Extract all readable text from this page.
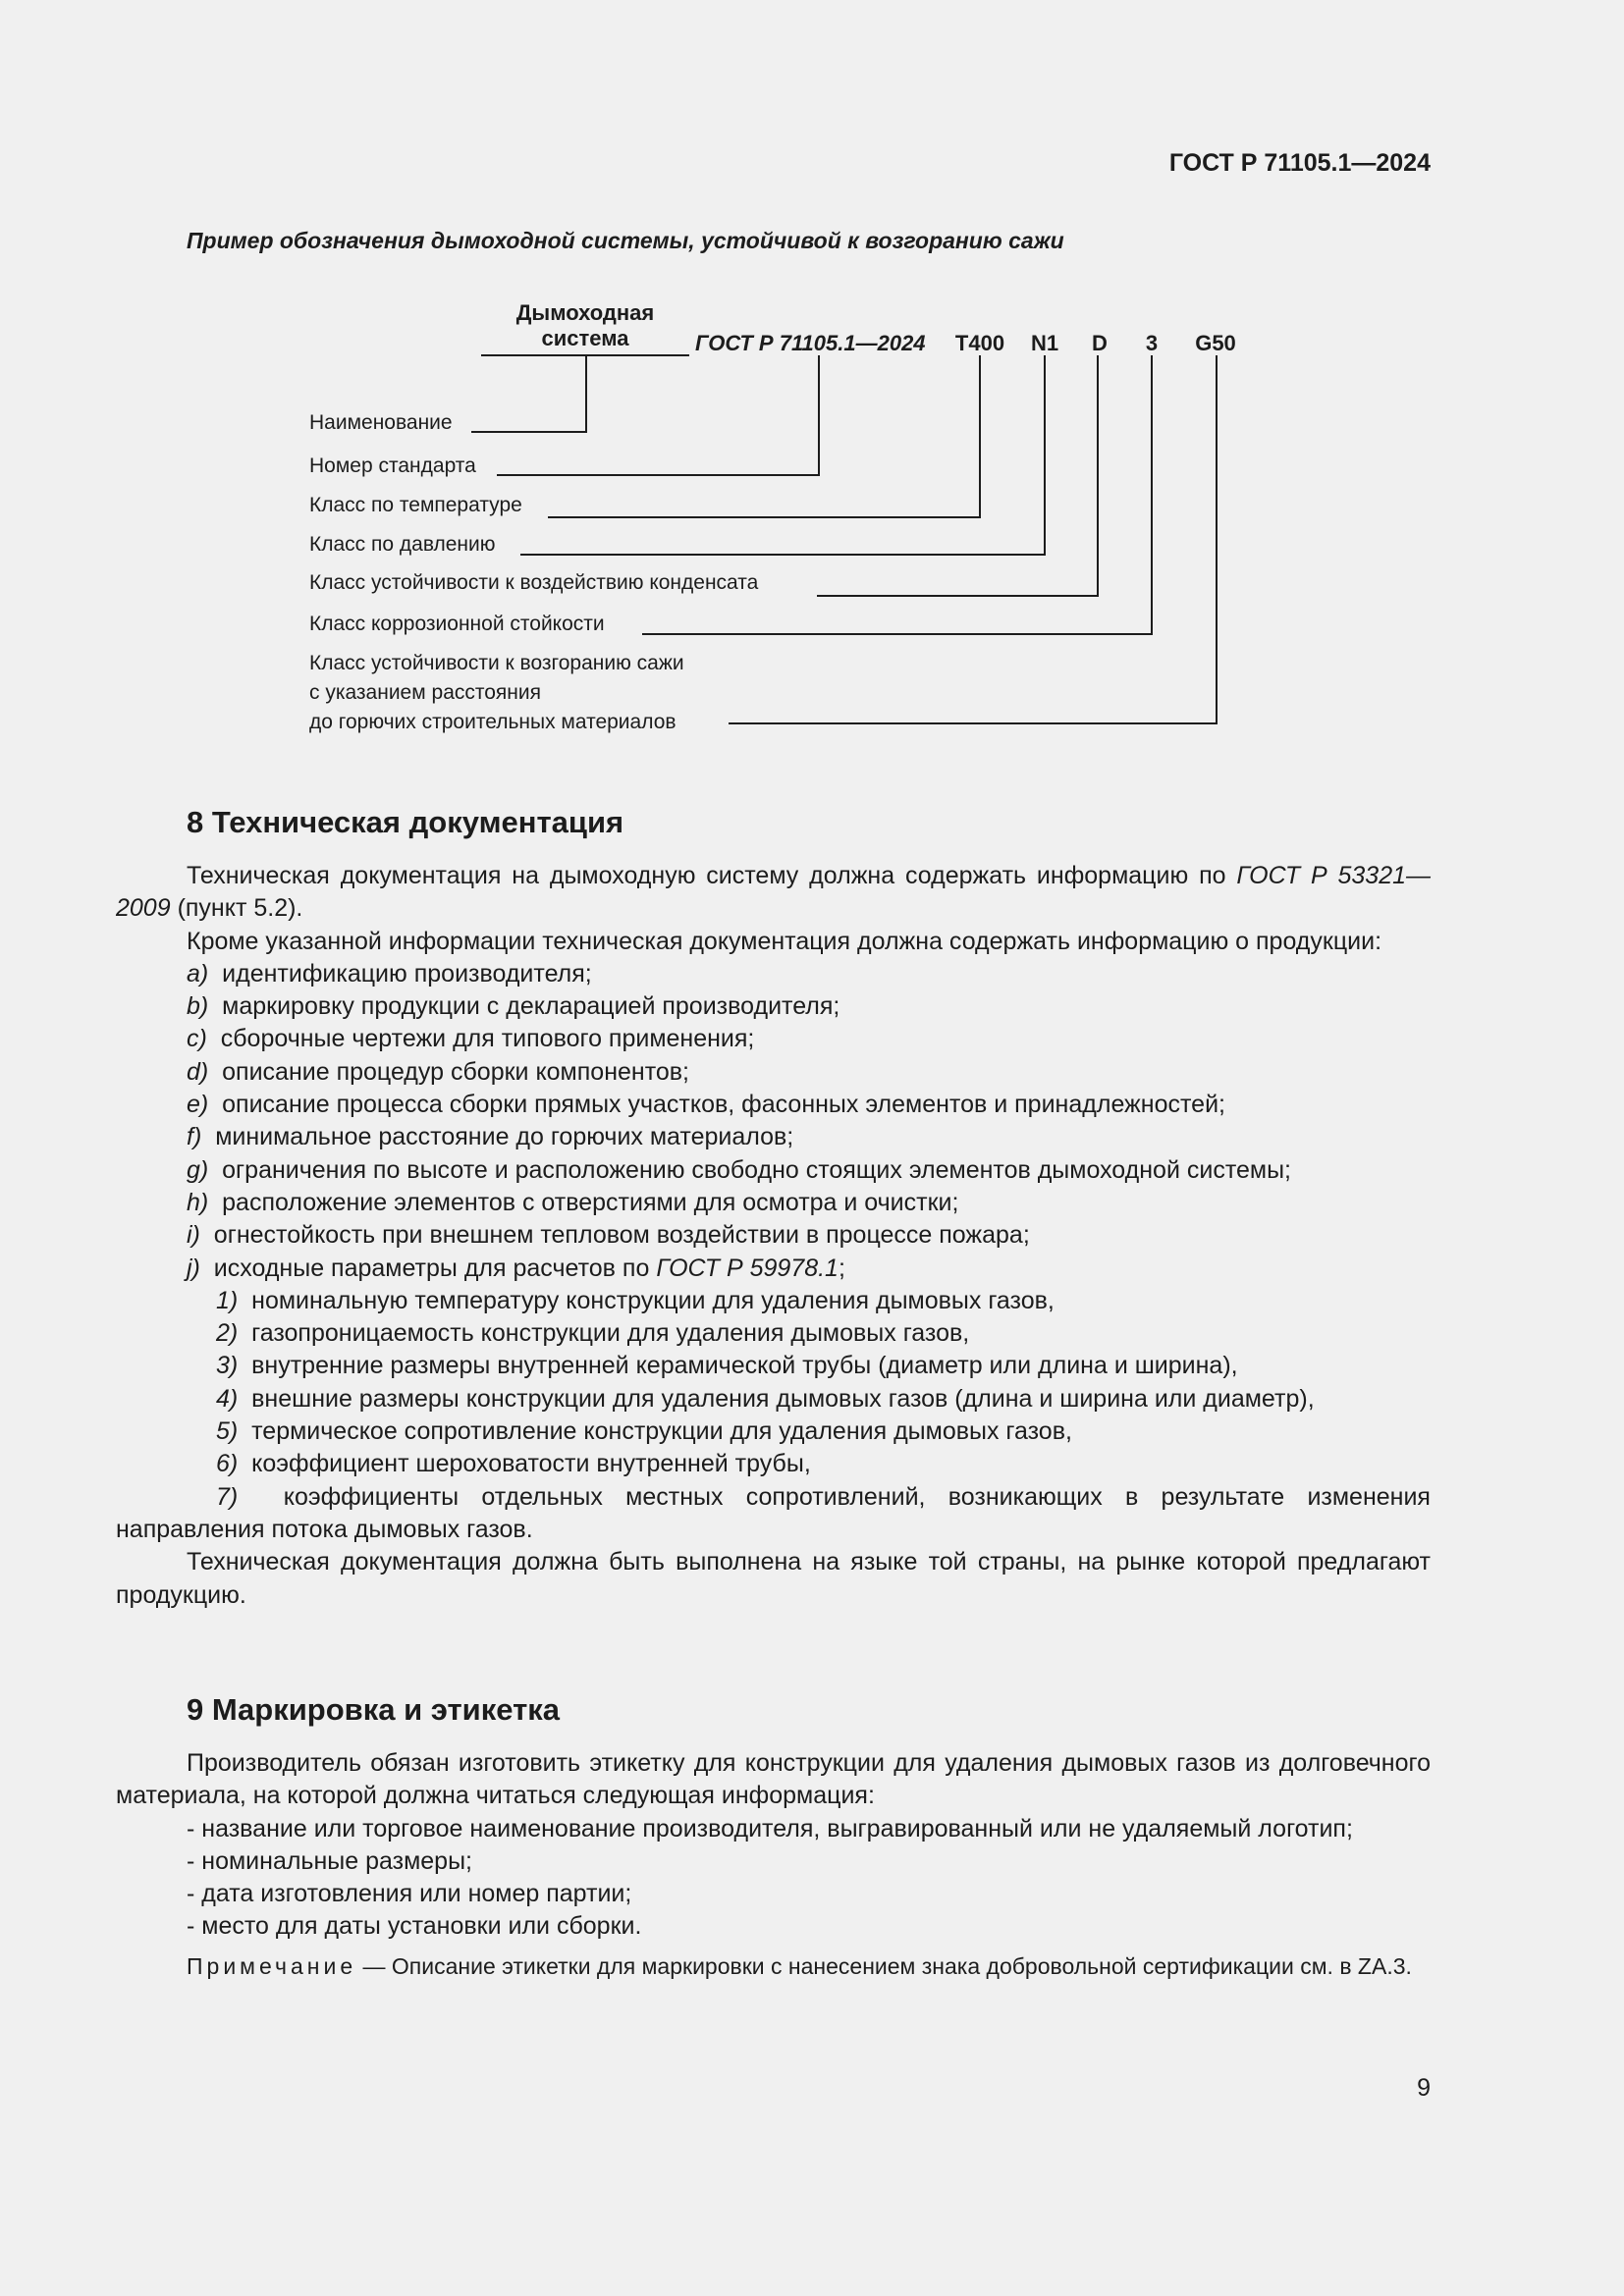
ГОСТ Р 71105.1—2024
Пример обозначения дымоходной системы, устойчивой к возгоранию сажи
Дымоходная
система	ГОСТ Р 71105.1—2024 T400 N1 D 3 G50
Наименование
Номер стандарта
Класс по температуре
Класс по давлению
Класс устойчивости к воздействию конденсата
Класс коррозионной стойкости
Класс устойчивости к возгоранию сажи
с указанием расстояния
до горючих строительных материалов
8 Техническая документация

Техническая документация на дымоходную систему должна содержать информацию по ГОСТ Р 53321—2009 (пункт 5.2).

Кроме указанной информации техническая документация должна содержать информацию о продукции:

a) идентификацию производителя;

b) маркировку продукции с декларацией производителя;

c) сборочные чертежи для типового применения;

d) описание процедур сборки компонентов;

e) описание процесса сборки прямых участков, фасонных элементов и принадлежностей;

f) минимальное расстояние до горючих материалов;

g) ограничения по высоте и расположению свободно стоящих элементов дымоходной системы;

h) расположение элементов с отверстиями для осмотра и очистки;

i) огнестойкость при внешнем тепловом воздействии в процессе пожара;

j) исходные параметры для расчетов по ГОСТ Р 59978.1;

1) номинальную температуру конструкции для удаления дымовых газов,

2) газопроницаемость конструкции для удаления дымовых газов,

3) внутренние размеры внутренней керамической трубы (диаметр или длина и ширина),

4) внешние размеры конструкции для удаления дымовых газов (длина и ширина или диаметр),

5) термическое сопротивление конструкции для удаления дымовых газов,

6) коэффициент шероховатости внутренней трубы,

7) коэффициенты отдельных местных сопротивлений, возникающих в результате изменения направления потока дымовых газов.

Техническая документация должна быть выполнена на языке той страны, на рынке которой предлагают продукцию.

9 Маркировка и этикетка

Производитель обязан изготовить этикетку для конструкции для удаления дымовых газов из долговечного материала, на которой должна читаться следующая информация:

- название или торговое наименование производителя, выгравированный или не удаляемый логотип;

- номинальные размеры;

- дата изготовления или номер партии;

- место для даты установки или сборки.

Примечание — Описание этикетки для маркировки с нанесением знака добровольной сертификации см. в ZA.3.

9
